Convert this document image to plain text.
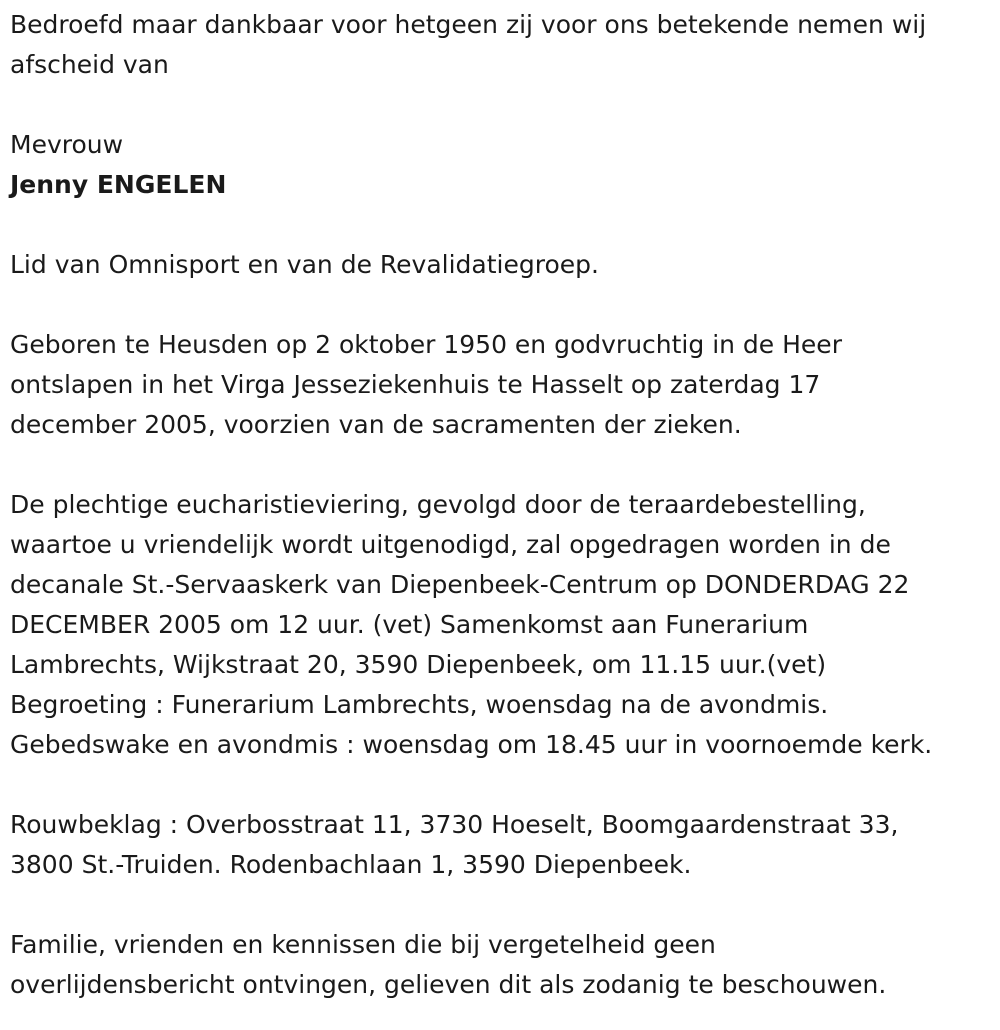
Bedroefd maar dankbaar voor hetgeen zij voor ons betekende nemen wij
afscheid van

Mevrouw

Jenny ENGELEN

Lid van Omnisport en van de Revalidatiegroep.

Geboren te Heusden op 2 oktober 1950 en godvruchtig in de Heer
ontslapen in het Virga Jesseziekenhuis te Hasselt op zaterdag 17
december 2005, voorzien van de sacramenten der zieken.

De plechtige eucharistieviering, gevolgd door de teraardebestelling,
waartoe u vriendelijk wordt uitgenodigd, zal opgedragen worden in de
decanale St.-Servaaskerk van Diepenbeek-Centrum op DONDERDAG 22
DECEMBER 2005 om 12 uur. (vet) Samenkomst aan Funerarium
Lambrechts, Wijkstraat 20, 3590 Diepenbeek, om 11.15 uur.(vet)
Begroeting : Funerarium Lambrechts, woensdag na de avondmis.
Gebedswake en avondmis : woensdag om 18.45 uur in voornoemde kerk.

Rouwbeklag : Overbosstraat 11, 3730 Hoeselt, Boomgaardenstraat 33,
3800 St.-Truiden. Rodenbachlaan 1, 3590 Diepenbeek.

Familie, vrienden en kennissen die bij vergetelheid geen
overlijdensbericht ontvingen, gelieven dit als zodanig te beschouwen.
